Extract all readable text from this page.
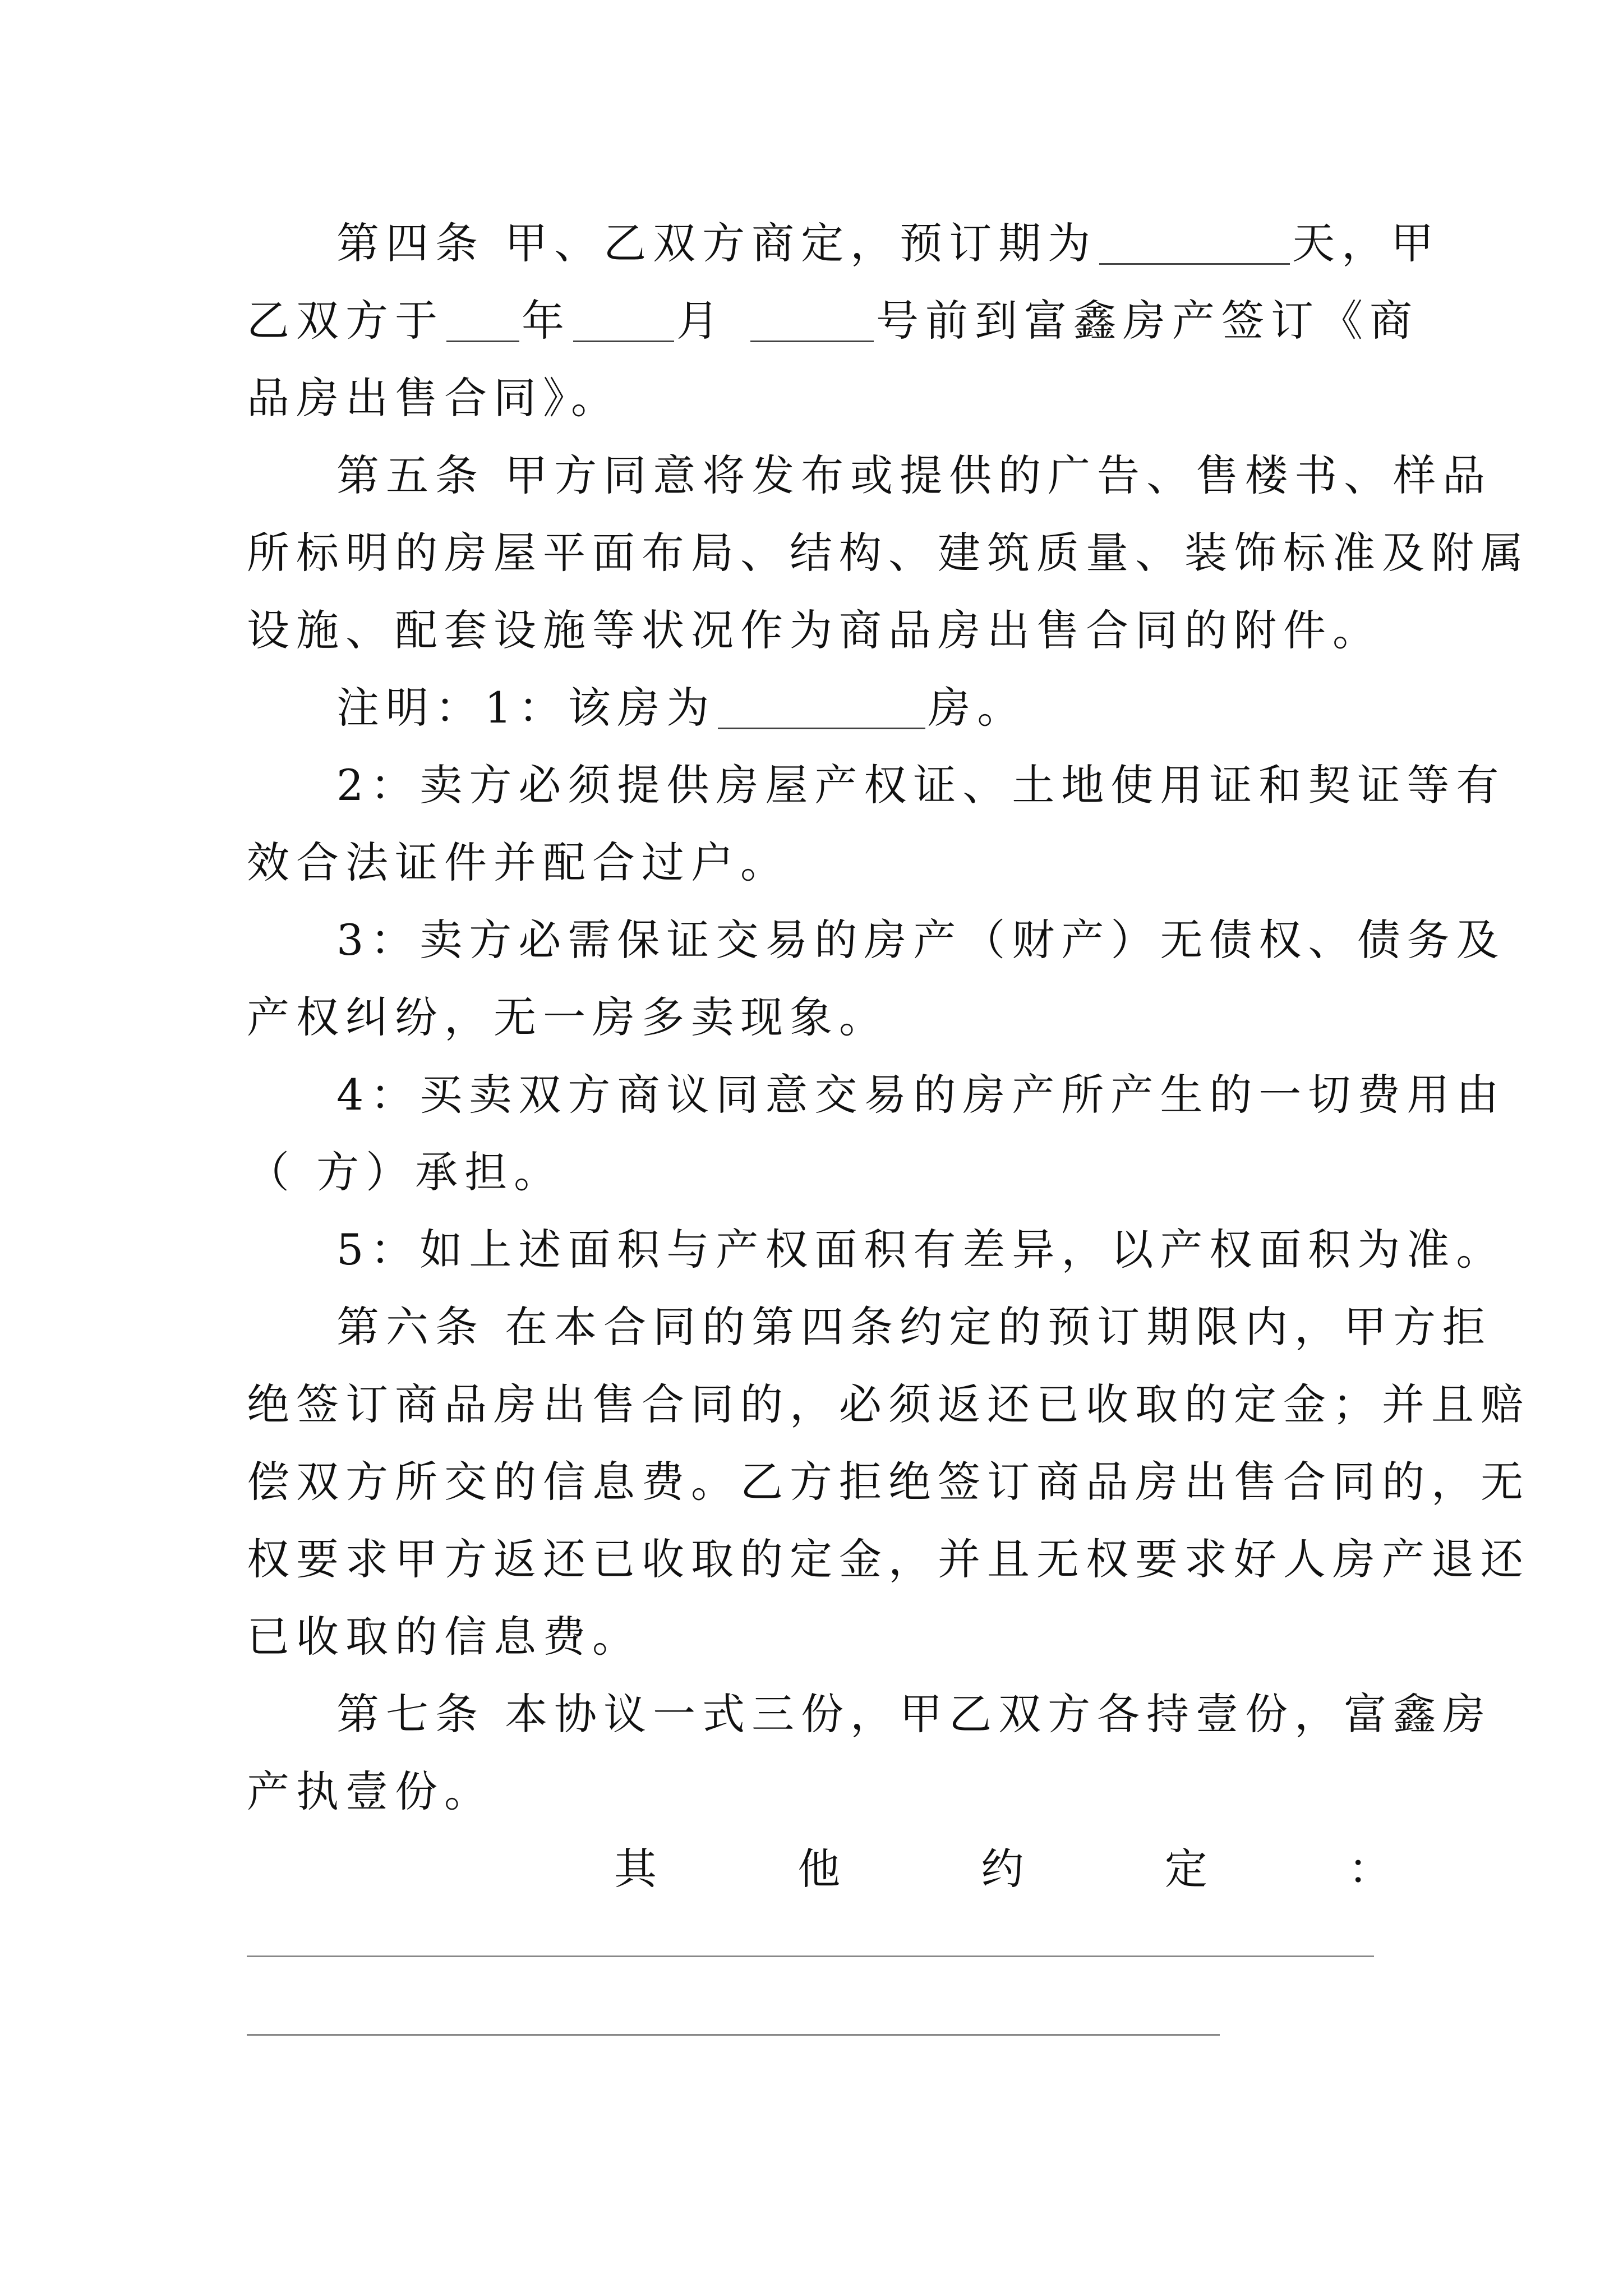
第四条 甲、乙双方商定，预订期为	天，甲
乙双方于 年 月	号前到富鑫房产签订《商
品房出售合同》。
第五条 甲方同意将发布或提供的广告、售楼书、样品
所标明的房屋平面布局、结构、建筑质量、装饰标准及附属
设施、配套设施等状况作为商品房出售合同的附件。
注明：1：该房为	房。
2：卖方必须提供房屋产权证、土地使用证和契证等有
效合法证件并配合过户。
3：卖方必需保证交易的房产（财产）无债权、债务及
产权纠纷，无一房多卖现象。
4：买卖双方商议同意交易的房产所产生的一切费用由
（ 方）承担。
5：如上述面积与产权面积有差异，以产权面积为准。
第六条 在本合同的第四条约定的预订期限内，甲方拒
绝签订商品房出售合同的，必须返还已收取的定金；并且赔
偿双方所交的信息费。乙方拒绝签订商品房出售合同的，无
权要求甲方返还已收取的定金，并且无权要求好人房产退还
已收取的信息费。
第七条 本协议一式三份，甲乙双方各持壹份，富鑫房
产执壹份。
其	他	约	定	：
